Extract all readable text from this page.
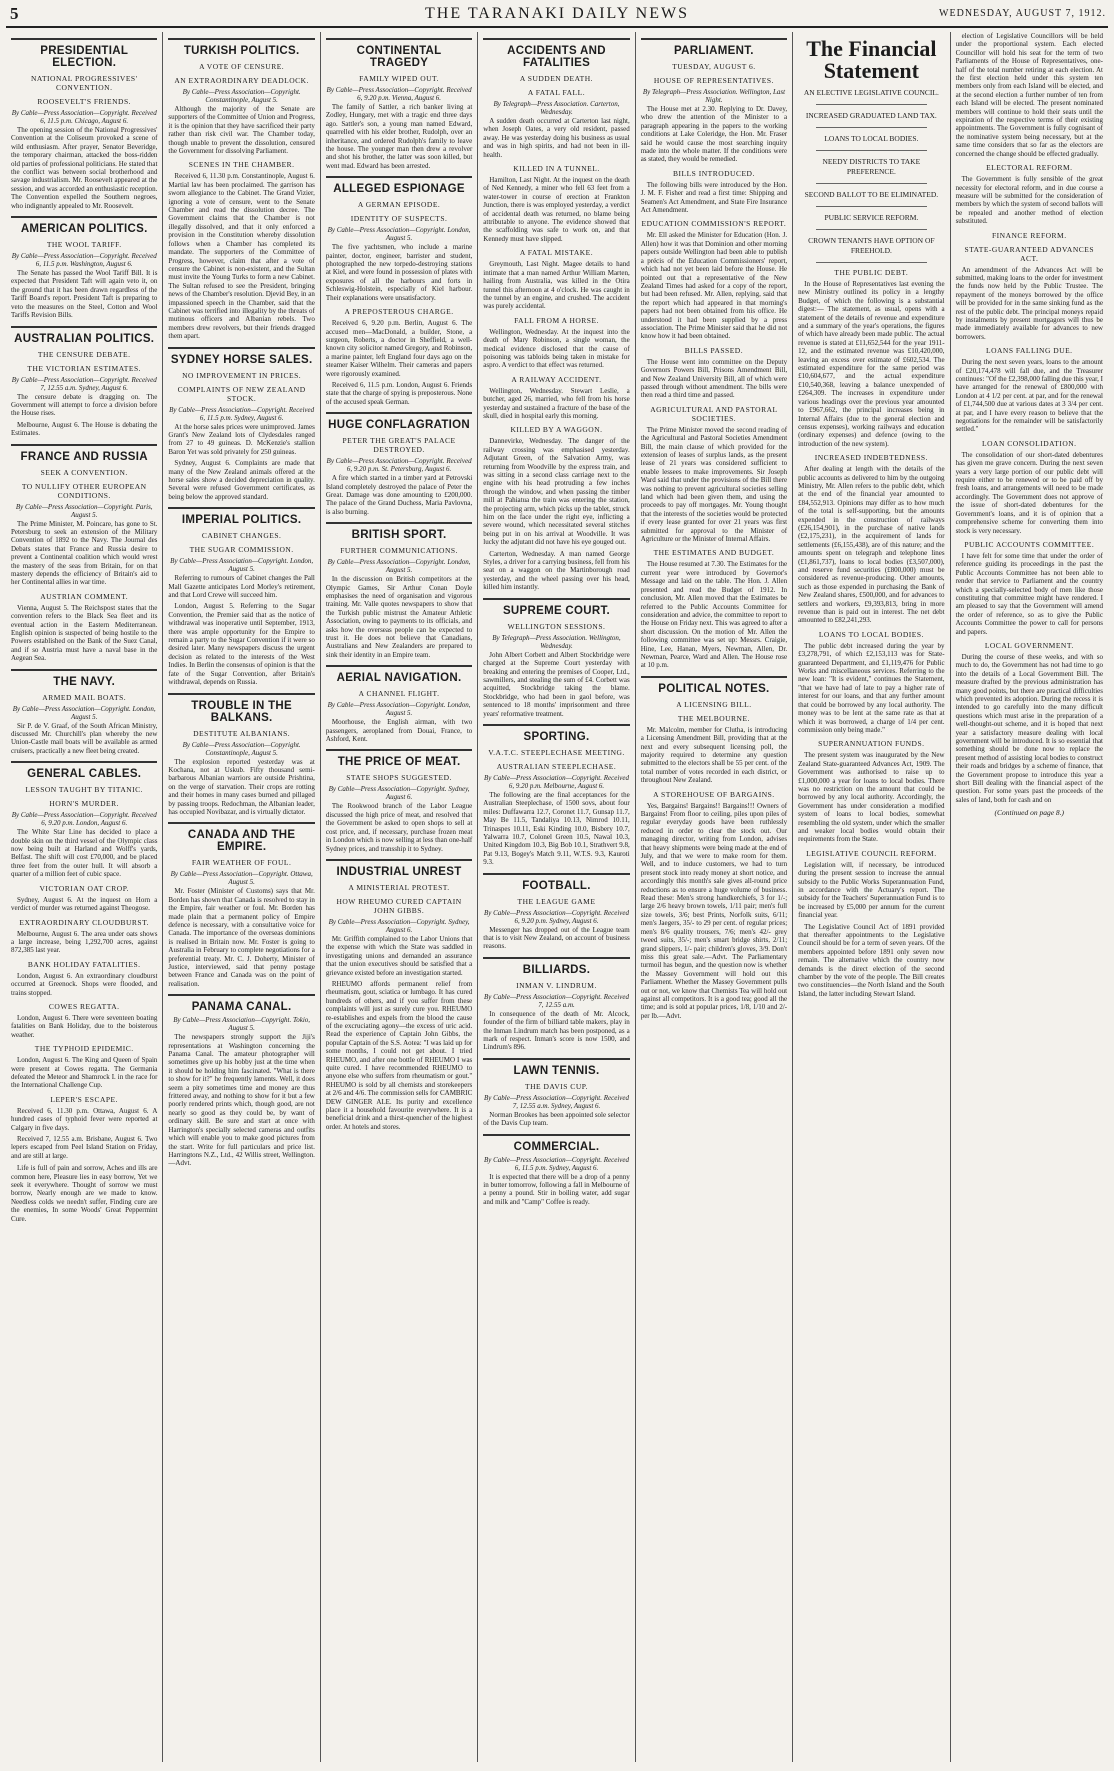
5	THE TARANAKI DAILY NEWS	WEDNESDAY, AUGUST 7, 1912.
PRESIDENTIAL ELECTION.
NATIONAL PROGRESSIVES' CONVENTION.
ROOSEVELT'S FRIENDS.
By Cable—Press Association—Copyright. Received 6, 11.5 p.m. Chicago, August 6.

The opening session of the National Progressives' Convention at the Coliseum provoked a scene of wild enthusiasm. After prayer, Senator Beveridge, the temporary chairman, attacked the boss-ridden old parties of professional politicians. He stated that the conflict was between social brotherhood and savage industrialism. Mr. Roosevelt appeared at the session, and was accorded an enthusiastic reception. The Convention expelled the Southern negroes, who indignantly appealed to Mr. Roosevelt.

AMERICAN POLITICS.
THE WOOL TARIFF.
By Cable—Press Association—Copyright. Received 6, 11.5 p.m. Washington, August 6.

The Senate has passed the Wool Tariff Bill. It is expected that President Taft will again veto it, on the ground that it has been drawn regardless of the Tariff Board's report. President Taft is preparing to veto the measures on the Steel, Cotton and Wool Tariffs Revision Bills.

AUSTRALIAN POLITICS.
THE CENSURE DEBATE.
THE VICTORIAN ESTIMATES.
By Cable—Press Association—Copyright. Received 7, 12.55 a.m. Sydney, August 6.

The censure debate is dragging on. The Government will attempt to force a division before the House rises.

Melbourne, August 6. The House is debating the Estimates.

FRANCE AND RUSSIA
SEEK A CONVENTION.
TO NULLIFY OTHER EUROPEAN CONDITIONS.
By Cable—Press Association—Copyright. Paris, August 5.

The Prime Minister, M. Poincare, has gone to St. Petersburg to seek an extension of the Military Convention of 1892 to the Navy. The Journal des Debats states that France and Russia desire to prevent a Continental coalition which would wrest the mastery of the seas from Britain, for on that mastery depends the efficiency of Britain's aid to her Continental allies in war time.

AUSTRIAN COMMENT.

Vienna, August 5. The Reichspost states that the convention refers to the Black Sea fleet and its eventual action in the Eastern Mediterranean. English opinion is suspected of being hostile to the Powers established on the Bank of the Suez Canal, and if so Austria must have a naval base in the Aegean Sea.

THE NAVY.
ARMED MAIL BOATS.
By Cable—Press Association—Copyright. London, August 5.

Sir P. de V. Graaf, of the South African Ministry, discussed Mr. Churchill's plan whereby the new Union-Castle mail boats will be available as armed cruisers, practically a new fleet being created.

GENERAL CABLES.
LESSON TAUGHT BY TITANIC.
HORN'S MURDER.
By Cable—Press Association—Copyright. Received 6, 9.20 p.m. London, August 6.

The White Star Line has decided to place a double skin on the third vessel of the Olympic class now being built at Harland and Wolff's yards, Belfast. The shift will cost £70,000, and be placed three feet from the outer hull. It will absorb a quarter of a million feet of cubic space.

VICTORIAN OAT CROP.

Sydney, August 6. At the inquest on Horn a verdict of murder was returned against Theogose.

EXTRAORDINARY CLOUDBURST.

Melbourne, August 6. The area under oats shows a large increase, being 1,292,700 acres, against 872,385 last year.

BANK HOLIDAY FATALITIES.

London, August 6. An extraordinary cloudburst occurred at Greenock. Shops were flooded, and trains stopped.

COWES REGATTA.

London, August 6. There were seventeen boating fatalities on Bank Holiday, due to the boisterous weather.

THE TYPHOID EPIDEMIC.

London, August 6. The King and Queen of Spain were present at Cowes regatta. The Germania defeated the Meteor and Shamrock I. in the race for the International Challenge Cup.

LEPER'S ESCAPE.

Received 6, 11.30 p.m. Ottawa, August 6. A hundred cases of typhoid fever were reported at Calgary in five days.

Received 7, 12.55 a.m. Brisbane, August 6. Two lepers escaped from Peel Island Station on Friday, and are still at large.

Life is full of pain and sorrow, Aches and ills are common here, Pleasure lies in easy borrow, Yet we seek it everywhere. Thought of sorrow we must borrow, Nearly enough are we made to know. Needless colds we needn't suffer, Finding cure are the enemies, In some Woods' Great Peppermint Cure.

TURKISH POLITICS.
A VOTE OF CENSURE.
AN EXTRAORDINARY DEADLOCK.
By Cable—Press Association—Copyright. Constantinople, August 5.

Although the majority of the Senate are supporters of the Committee of Union and Progress, it is the opinion that they have sacrificed their party rather than risk civil war. The Chamber today, though unable to prevent the dissolution, censured the Government for dissolving Parliament.

SCENES IN THE CHAMBER.

Received 6, 11.30 p.m. Constantinople, August 6. Martial law has been proclaimed. The garrison has sworn allegiance to the Cabinet. The Grand Vizier, ignoring a vote of censure, went to the Senate Chamber and read the dissolution decree. The Government claims that the Chamber is not illegally dissolved, and that it only enforced a provision in the Constitution whereby dissolution follows when a Chamber has completed its mandate. The supporters of the Committee of Progress, however, claim that after a vote of censure the Cabinet is non-existent, and the Sultan must invite the Young Turks to form a new Cabinet. The Sultan refused to see the President, bringing news of the Chamber's resolution. Djevid Bey, in an impassioned speech in the Chamber, said that the Cabinet was terrified into illegality by the threats of mutinous officers and Albanian rebels. Two members drew revolvers, but their friends dragged them apart.

SYDNEY HORSE SALES.
NO IMPROVEMENT IN PRICES.
COMPLAINTS OF NEW ZEALAND STOCK.
By Cable—Press Association—Copyright. Received 6, 11.5 p.m. Sydney, August 6.

At the horse sales prices were unimproved. James Grant's New Zealand lots of Clydesdales ranged from 27 to 49 guineas. D. McKenzie's stallion Baron Yet was sold privately for 250 guineas.

Sydney, August 6. Complaints are made that many of the New Zealand animals offered at the horse sales show a decided depreciation in quality. Several were refused Government certificates, as being below the approved standard.

IMPERIAL POLITICS.
CABINET CHANGES.
THE SUGAR COMMISSION.
By Cable—Press Association—Copyright. London, August 5.

Referring to rumours of Cabinet changes the Pall Mall Gazette anticipates Lord Morley's retirement, and that Lord Crewe will succeed him.

London, August 5. Referring to the Sugar Convention, the Premier said that as the notice of withdrawal was inoperative until September, 1913, there was ample opportunity for the Empire to remain a party to the Sugar Convention if it were so desired later. Many newspapers discuss the urgent decision as related to the interests of the West Indies. In Berlin the consensus of opinion is that the fate of the Sugar Convention, after Britain's withdrawal, depends on Russia.

TROUBLE IN THE BALKANS.
DESTITUTE ALBANIANS.
By Cable—Press Association—Copyright. Constantinople, August 5.

The explosion reported yesterday was at Kochana, not at Uskub. Fifty thousand semi-barbarous Albanian warriors are outside Prishtina, on the verge of starvation. Their crops are rotting and their homes in many cases burned and pillaged by passing troops. Redochman, the Albanian leader, has occupied Novibazar, and is virtually dictator.

CANADA AND THE EMPIRE.
FAIR WEATHER OF FOUL.
By Cable—Press Association—Copyright. Ottawa, August 5.

Mr. Foster (Minister of Customs) says that Mr. Borden has shown that Canada is resolved to stay in the Empire, fair weather or foul. Mr. Borden has made plain that a permanent policy of Empire defence is necessary, with a consultative voice for Canada. The importance of the overseas dominions is realised in Britain now. Mr. Foster is going to Australia in February to complete negotiations for a preferential treaty. Mr. C. J. Doherty, Minister of Justice, interviewed, said that penny postage between France and Canada was on the point of realisation.

PANAMA CANAL.
By Cable—Press Association—Copyright. Tokio, August 5.

The newspapers strongly support the Jiji's representations at Washington concerning the Panama Canal. The amateur photographer will sometimes give up his hobby just at the time when it should be holding him fascinated. "What is there to show for it?" he frequently laments. Well, it does seem a pity sometimes time and money are thus frittered away, and nothing to show for it but a few poorly rendered prints which, though good, are not nearly so good as they could be, by want of ordinary skill. Be sure and start at once with Harrington's specially selected cameras and outfits which will enable you to make good pictures from the start. Write for full particulars and price list. Harringtons N.Z., Ltd., 42 Willis street, Wellington.—Advt.

CONTINENTAL TRAGEDY
FAMILY WIPED OUT.
By Cable—Press Association—Copyright. Received 6, 9.20 p.m. Vienna, August 6.

The family of Sattler, a rich banker living at Zodley, Hungary, met with a tragic end three days ago. Sattler's son, a young man named Edward, quarrelled with his elder brother, Rudolph, over an inheritance, and ordered Rudolph's family to leave the house. The younger man then drew a revolver and shot his brother, the latter was soon killed, but went mad. Edward has been arrested.

ALLEGED ESPIONAGE
A GERMAN EPISODE.
IDENTITY OF SUSPECTS.
By Cable—Press Association—Copyright. London, August 5.

The five yachtsmen, who include a marine painter, doctor, engineer, barrister and student, photographed the new torpedo-destroying stations at Kiel, and were found in possession of plates with exposures of all the harbours and forts in Schleswig-Holstein, especially of Kiel harbour. Their explanations were unsatisfactory.

A PREPOSTEROUS CHARGE.

Received 6, 9.20 p.m. Berlin, August 6. The accused men—MacDonald, a builder, Stone, a surgeon, Roberts, a doctor in Sheffield, a well-known city solicitor named Gregory, and Robinson, a marine painter, left England four days ago on the steamer Kaiser Wilhelm. Their cameras and papers were rigorously examined.

Received 6, 11.5 p.m. London, August 6. Friends state that the charge of spying is preposterous. None of the accused speak German.

HUGE CONFLAGRATION
PETER THE GREAT'S PALACE DESTROYED.
By Cable—Press Association—Copyright. Received 6, 9.20 p.m. St. Petersburg, August 6.

A fire which started in a timber yard at Petrovski Island completely destroyed the palace of Peter the Great. Damage was done amounting to £200,000. The palace of the Grand Duchess, Maria Pavlovna, is also burning.

BRITISH SPORT.
FURTHER COMMUNICATIONS.
By Cable—Press Association—Copyright. London, August 5.

In the discussion on British competitors at the Olympic Games, Sir Arthur Conan Doyle emphasises the need of organisation and vigorous training. Mr. Valle quotes newspapers to show that the Turkish public mistrust the Amateur Athletic Association, owing to payments to its officials, and asks how the overseas people can be expected to trust it. He does not believe that Canadians, Australians and New Zealanders are prepared to sink their identity in an Empire team.

AERIAL NAVIGATION.
A CHANNEL FLIGHT.
By Cable—Press Association—Copyright. London, August 5.

Moorhouse, the English airman, with two passengers, aeroplaned from Douai, France, to Ashford, Kent.

THE PRICE OF MEAT.
STATE SHOPS SUGGESTED.
By Cable—Press Association—Copyright. Sydney, August 6.

The Rookwood branch of the Labor League discussed the high price of meat, and resolved that the Government be asked to open shops to sell at cost price, and, if necessary, purchase frozen meat in London which is now selling at less than one-half Sydney prices, and transship it to Sydney.

INDUSTRIAL UNREST
A MINISTERIAL PROTEST.
HOW RHEUMO CURED CAPTAIN JOHN GIBBS.
By Cable—Press Association—Copyright. Sydney, August 6.

Mr. Griffith complained to the Labor Unions that the expense with which the State was saddled in investigating unions and demanded an assurance that the union executives should be satisfied that a grievance existed before an investigation started.

RHEUMO affords permanent relief from rheumatism, gout, sciatica or lumbago. It has cured hundreds of others, and if you suffer from these complaints will just as surely cure you. RHEUMO re-establishes and expels from the blood the cause of the excruciating agony—the excess of uric acid. Read the experience of Captain John Gibbs, the popular Captain of the S.S. Aotea: "I was laid up for some months, I could not get about. I tried RHEUMO, and after one bottle of RHEUMO I was quite cured. I have recommended RHEUMO to anyone else who suffers from rheumatism or gout." RHEUMO is sold by all chemists and storekeepers at 2/6 and 4/6. The commission sells for CAMBRIC DEW GINGER ALE. Its purity and excellence place it a household favourite everywhere. It is a beneficial drink and a thirst-quencher of the highest order. At hotels and stores.

ACCIDENTS AND FATALITIES
A SUDDEN DEATH.
A FATAL FALL.
By Telegraph—Press Association. Carterton, Wednesday.

A sudden death occurred at Carterton last night, when Joseph Oates, a very old resident, passed away. He was yesterday doing his business as usual and was in high spirits, and had not been in ill-health.

KILLED IN A TUNNEL.

Hamilton, Last Night. At the inquest on the death of Ned Kennedy, a miner who fell 63 feet from a water-tower in course of erection at Frankton Junction, there is was employed yesterday, a verdict of accidental death was returned, no blame being attributable to anyone. The evidence showed that the scaffolding was safe to work on, and that Kennedy must have slipped.

A FATAL MISTAKE.

Greymouth, Last Night. Magee details to hand intimate that a man named Arthur William Marten, hailing from Australia, was killed in the Otira tunnel this afternoon at 4 o'clock. He was caught in the tunnel by an engine, and crushed. The accident was purely accidental.

FALL FROM A HORSE.

Wellington, Wednesday. At the inquest into the death of Mary Robinson, a single woman, the medical evidence disclosed that the cause of poisoning was tabloids being taken in mistake for aspro. A verdict to that effect was returned.

A RAILWAY ACCIDENT.

Wellington, Wednesday. Stewart Leslie, a butcher, aged 26, married, who fell from his horse yesterday and sustained a fracture of the base of the skull, died in hospital early this morning.

KILLED BY A WAGGON.

Dannevirke, Wednesday. The danger of the railway crossing was emphasised yesterday. Adjutant Green, of the Salvation Army, was returning from Woodville by the express train, and was sitting in a second class carriage next to the engine with his head protruding a few inches through the window, and when passing the timber mill at Pahiatua the train was entering the station, the projecting arm, which picks up the tablet, struck him on the face under the right eye, inflicting a severe wound, which necessitated several stitches being put in on his arrival at Woodville. It was lucky the adjutant did not have his eye gouged out.

Carterton, Wednesday. A man named George Styles, a driver for a carrying business, fell from his seat on a waggon on the Martinborough road yesterday, and the wheel passing over his head, killed him instantly.

SUPREME COURT.
WELLINGTON SESSIONS.
By Telegraph—Press Association. Wellington, Wednesday.

John Albert Corbett and Albert Stockbridge were charged at the Supreme Court yesterday with breaking and entering the premises of Cooper, Ltd., sawmillers, and stealing the sum of £4. Corbett was acquitted, Stockbridge taking the blame. Stockbridge, who had been in gaol before, was sentenced to 18 months' imprisonment and three years' reformative treatment.

SPORTING.
V.A.T.C. STEEPLECHASE MEETING.
AUSTRALIAN STEEPLECHASE.
By Cable—Press Association—Copyright. Received 6, 9.20 p.m. Melbourne, August 6.

The following are the final acceptances for the Australian Steeplechase, of 1500 sovs, about four miles: Duffawarra 12.7, Coronet 11.7, Gunsap 11.7, May Be 11.5, Tandaliya 10.13, Nimrod 10.11, Trinaspes 10.11, Eski Kinding 10.0, Bisbery 10.7, Yalwarra 10.7, Colonel Green 10.5, Nawal 10.3, United Kingdom 10.3, Big Bob 10.1, Strathvert 9.8, Pat 9.13, Bogey's Match 9.11, W.T.S. 9.3, Kauroti 9.3.

FOOTBALL.
THE LEAGUE GAME
By Cable—Press Association—Copyright. Received 6, 9.20 p.m. Sydney, August 6.

Messenger has dropped out of the League team that is to visit New Zealand, on account of business reasons.

BILLIARDS.
INMAN V. LINDRUM.
By Cable—Press Association—Copyright. Received 7, 12.55 a.m.

In consequence of the death of Mr. Alcock, founder of the firm of billiard table makers, play in the Inman Lindrum match has been postponed, as a mark of respect. Inman's score is now 1500, and Lindrum's 896.

LAWN TENNIS.
THE DAVIS CUP.
By Cable—Press Association—Copyright. Received 7, 12.55 a.m. Sydney, August 6.

Norman Brookes has been appointed sole selector of the Davis Cup team.

COMMERCIAL.
By Cable—Press Association—Copyright. Received 6, 11.5 p.m. Sydney, August 6.

It is expected that there will be a drop of a penny in butter tomorrow, following a fall in Melbourne of a penny a pound. Stir in boiling water, add sugar and milk and "Camp" Coffee is ready.

PARLIAMENT.
TUESDAY, AUGUST 6.
HOUSE OF REPRESENTATIVES.
By Telegraph—Press Association. Wellington, Last Night.

The House met at 2.30. Replying to Dr. Davey, who drew the attention of the Minister to a paragraph appearing in the papers to the working conditions at Lake Coleridge, the Hon. Mr. Fraser said he would cause the most searching inquiry made into the whole matter. If the conditions were as stated, they would be remedied.

BILLS INTRODUCED.

The following bills were introduced by the Hon. J. M. F. Fisher and read a first time: Shipping and Seamen's Act Amendment, and State Fire Insurance Act Amendment.

EDUCATION COMMISSION'S REPORT.

Mr. Ell asked the Minister for Education (Hon. J. Allen) how it was that Dominion and other morning papers outside Wellington had been able to publish a précis of the Education Commissioners' report, which had not yet been laid before the House. He pointed out that a representative of the New Zealand Times had asked for a copy of the report, but had been refused. Mr. Allen, replying, said that the report which had appeared in that morning's papers had not been obtained from his office. He understood it had been supplied by a press association. The Prime Minister said that he did not know how it had been obtained.

BILLS PASSED.

The House went into committee on the Deputy Governors Powers Bill, Prisons Amendment Bill, and New Zealand University Bill, all of which were passed through without amendment. The bills were then read a third time and passed.

AGRICULTURAL AND PASTORAL SOCIETIES.

The Prime Minister moved the second reading of the Agricultural and Pastoral Societies Amendment Bill, the main clause of which provided for the extension of leases of surplus lands, as the present lease of 21 years was considered sufficient to enable lessees to make improvements. Sir Joseph Ward said that under the provisions of the Bill there was nothing to prevent agricultural societies selling land which had been given them, and using the proceeds to pay off mortgages. Mr. Young thought that the interests of the societies would be protected if every lease granted for over 21 years was first submitted for approval to the Minister of Agriculture or the Minister of Internal Affairs.

THE ESTIMATES AND BUDGET.

The House resumed at 7.30. The Estimates for the current year were introduced by Governor's Message and laid on the table. The Hon. J. Allen presented and read the Budget of 1912. In conclusion, Mr. Allen moved that the Estimates be referred to the Public Accounts Committee for consideration and advice, the committee to report to the House on Friday next. This was agreed to after a short discussion. On the motion of Mr. Allen the following committee was set up: Messrs. Craigie, Hine, Lee, Hanan, Myers, Newman, Allen, Dr. Newman, Pearce, Ward and Allen. The House rose at 10 p.m.

POLITICAL NOTES.
A LICENSING BILL.
THE MELBOURNE.

Mr. Malcolm, member for Clutha, is introducing a Licensing Amendment Bill, providing that at the next and every subsequent licensing poll, the majority required to determine any question submitted to the electors shall be 55 per cent. of the total number of votes recorded in each district, or throughout New Zealand.

A STOREHOUSE OF BARGAINS.

Yes, Bargains! Bargains!! Bargains!!! Owners of Bargains! From floor to ceiling, piles upon piles of regular everyday goods have been ruthlessly reduced in order to clear the stock out. Our managing director, writing from London, advises that heavy shipments were being made at the end of July, and that we were to make room for them. Well, and to induce customers, we had to turn present stock into ready money at short notice, and accordingly this month's sale gives all-round price reductions as to ensure a huge volume of business. Read these: Men's strong handkerchiefs, 3 for 1/-; large 2/6 heavy brown towels, 1/11 pair; men's full size towels, 3/6; best Prints, Norfolk suits, 6/11; men's Jaegers, 35/- to 29 per cent. of regular prices; men's 8/6 quality trousers, 7/6; men's 42/- grey tweed suits, 35/-; men's smart bridge shirts, 2/11; grand slippers, 1/- pair; children's gloves, 3/9. Don't miss this great sale.—Advt. The Parliamentary turmoil has begun, and the question now is whether the Massey Government will hold out this Parliament. Whether the Massey Government pulls out or not, we know that Chemists Tea will hold out against all competitors. It is a good tea; good all the time; and is sold at popular prices, 1/8, 1/10 and 2/- per lb.—Advt.

The Financial Statement
AN ELECTIVE LEGISLATIVE COUNCIL.
INCREASED GRADUATED LAND TAX.
LOANS TO LOCAL BODIES.
NEEDY DISTRICTS TO TAKE PREFERENCE.
SECOND BALLOT TO BE ELIMINATED.
PUBLIC SERVICE REFORM.
CROWN TENANTS HAVE OPTION OF FREEHOLD.
THE PUBLIC DEBT.

In the House of Representatives last evening the new Ministry outlined its policy in a lengthy Budget, of which the following is a substantial digest:— The statement, as usual, opens with a statement of the details of revenue and expenditure and a summary of the year's operations, the figures of which have already been made public. The actual revenue is stated at £11,652,544 for the year 1911-12, and the estimated revenue was £10,420,000, leaving an excess over estimate of £602,534. The estimated expenditure for the same period was £10,604,677, and the actual expenditure £10,540,368, leaving a balance unexpended of £264,309. The increases in expenditure under various headings over the previous year amounted to £967,662, the principal increases being in Internal Affairs (due to the general election and census expenses), working railways and education (ordinary expenses) and defence (owing to the introduction of the new system).

INCREASED INDEBTEDNESS.

After dealing at length with the details of the public accounts as delivered to him by the outgoing Ministry, Mr. Allen refers to the public debt, which at the end of the financial year amounted to £84,552,913. Opinions may differ as to how much of the total is self-supporting, but the amounts expended in the construction of railways (£26,154,901), in the purchase of native lands (£2,175,231), in the acquirement of lands for settlements (£6,155,438), are of this nature; and the amounts spent on telegraph and telephone lines (£1,861,737), loans to local bodies (£3,507,000), and reserve fund securities (£800,000) must be considered as revenue-producing. Other amounts, such as those expended in purchasing the Bank of New Zealand shares, £500,000, and for advances to settlers and workers, £9,393,813, bring in more revenue than is paid out in interest. The net debt amounted to £82,241,293.

LOANS TO LOCAL BODIES.

The public debt increased during the year by £3,278,791, of which £2,153,113 was for State-guaranteed Department, and £1,119,476 for Public Works and miscellaneous services. Referring to the new loan: "It is evident," continues the Statement, "that we have had of late to pay a higher rate of interest for our loans, and that any further amount that could be borrowed by any local authority. The money was to be lent at the same rate as that at which it was borrowed, a charge of 1/4 per cent. commission only being made."

SUPERANNUATION FUNDS.

The present system was inaugurated by the New Zealand State-guaranteed Advances Act, 1909. The Government was authorised to raise up to £1,000,000 a year for loans to local bodies. There was no restriction on the amount that could be borrowed by any local authority. Accordingly, the Government has under consideration a modified system of loans to local bodies, somewhat resembling the old system, under which the smaller and weaker local bodies would obtain their requirements from the State.

LEGISLATIVE COUNCIL REFORM.

Legislation will, if necessary, be introduced during the present session to increase the annual subsidy to the Public Works Superannuation Fund, in accordance with the Actuary's report. The subsidy for the Teachers' Superannuation Fund is to be increased by £5,000 per annum for the current financial year.

The Legislative Council Act of 1891 provided that thereafter appointments to the Legislative Council should be for a term of seven years. Of the members appointed before 1891 only seven now remain. The alternative which the country now demands is the direct election of the second chamber by the vote of the people. The Bill creates two constituencies—the North Island and the South Island, the latter including Stewart Island.

election of Legislative Councillors will be held under the proportional system. Each elected Councillor will hold his seat for the term of two Parliaments of the House of Representatives, one-half of the total number retiring at each election. At the first election held under this system ten members only from each Island will be elected, and at the second election a further number of ten from each Island will be elected. The present nominated members will continue to hold their seats until the expiration of the respective terms of their existing appointments. The Government is fully cognisant of the nominative system being necessary, but at the same time considers that so far as the electors are concerned the change should be effected gradually.

ELECTORAL REFORM.

The Government is fully sensible of the great necessity for electoral reform, and in due course a measure will be submitted for the consideration of members by which the system of second ballots will be repealed and another method of election substituted.

FINANCE REFORM.
STATE-GUARANTEED ADVANCES ACT.

An amendment of the Advances Act will be submitted, making loans to the order for investment the funds now held by the Public Trustee. The repayment of the moneys borrowed by the office will be provided for in the same sinking fund as the rest of the public debt. The principal moneys repaid by instalments by present mortgagors will thus be made immediately available for advances to new borrowers.

LOANS FALLING DUE.

During the next seven years, loans to the amount of £20,174,478 will fall due, and the Treasurer continues: "Of the £2,398,000 falling due this year, I have arranged for the renewal of £800,000 with London at 4 1/2 per cent. at par, and for the renewal of £1,744,500 due at various dates at 3 3/4 per cent. at par, and I have every reason to believe that the negotiations for the remainder will be satisfactorily settled."

LOAN CONSOLIDATION.

The consolidation of our short-dated debentures has given me grave concern. During the next seven years a very large portion of our public debt will require either to be renewed or to be paid off by fresh loans, and arrangements will need to be made accordingly. The Government does not approve of the issue of short-dated debentures for the Government's loans, and it is of opinion that a comprehensive scheme for converting them into stock is very necessary.

PUBLIC ACCOUNTS COMMITTEE.

I have felt for some time that under the order of reference guiding its proceedings in the past the Public Accounts Committee has not been able to render that service to Parliament and the country which a specially-selected body of men like those constituting that committee might have rendered. I am pleased to say that the Government will amend the order of reference, so as to give the Public Accounts Committee the power to call for persons and papers.

LOCAL GOVERNMENT.

During the course of these weeks, and with so much to do, the Government has not had time to go into the details of a Local Government Bill. The measure drafted by the previous administration has many good points, but there are practical difficulties which prevented its adoption. During the recess it is intended to go carefully into the many difficult questions which must arise in the preparation of a well-thought-out scheme, and it is hoped that next year a satisfactory measure dealing with local government will be introduced. It is so essential that something should be done now to replace the present method of assisting local bodies to construct their roads and bridges by a scheme of finance, that the Government propose to introduce this year a short Bill dealing with the financial aspect of the question. For some years past the proceeds of the sales of land, both for cash and on

(Continued on page 8.)
